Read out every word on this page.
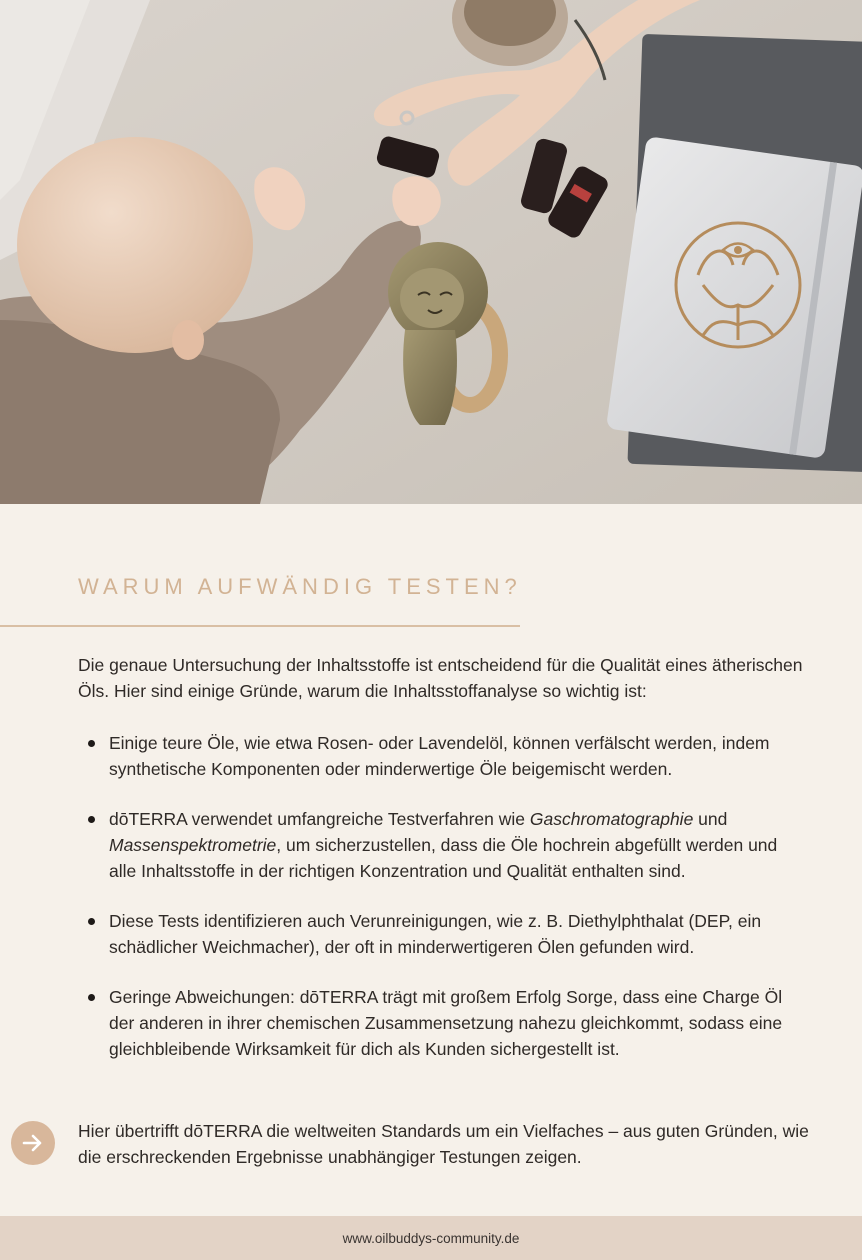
WARUM AUFWÄNDIG TESTEN?

Die genaue Untersuchung der Inhaltsstoffe ist entscheidend für die Qualität eines ätherischen Öls. Hier sind einige Gründe, warum die Inhaltsstoffanalyse so wichtig ist:

Einige teure Öle, wie etwa Rosen- oder Lavendelöl, können verfälscht werden, indem synthetische Komponenten oder minderwertige Öle beigemischt werden.
dōTERRA verwendet umfangreiche Testverfahren wie Gaschromatographie und Massenspektrometrie, um sicherzustellen, dass die Öle hochrein abgefüllt werden und alle Inhaltsstoffe in der richtigen Konzentration und Qualität enthalten sind.
Diese Tests identifizieren auch Verunreinigungen, wie z. B. Diethylphthalat (DEP, ein schädlicher Weichmacher), der oft in minderwertigeren Ölen gefunden wird.
Geringe Abweichungen: dōTERRA trägt mit großem Erfolg Sorge, dass eine Charge Öl der anderen in ihrer chemischen Zusammensetzung nahezu gleichkommt, sodass eine gleichbleibende Wirksamkeit für dich als Kunden sichergestellt ist.

Hier übertrifft dōTERRA die weltweiten Standards um ein Vielfaches – aus guten Gründen, wie die erschreckenden Ergebnisse unabhängiger Testungen zeigen.

www.oilbuddys-community.de
